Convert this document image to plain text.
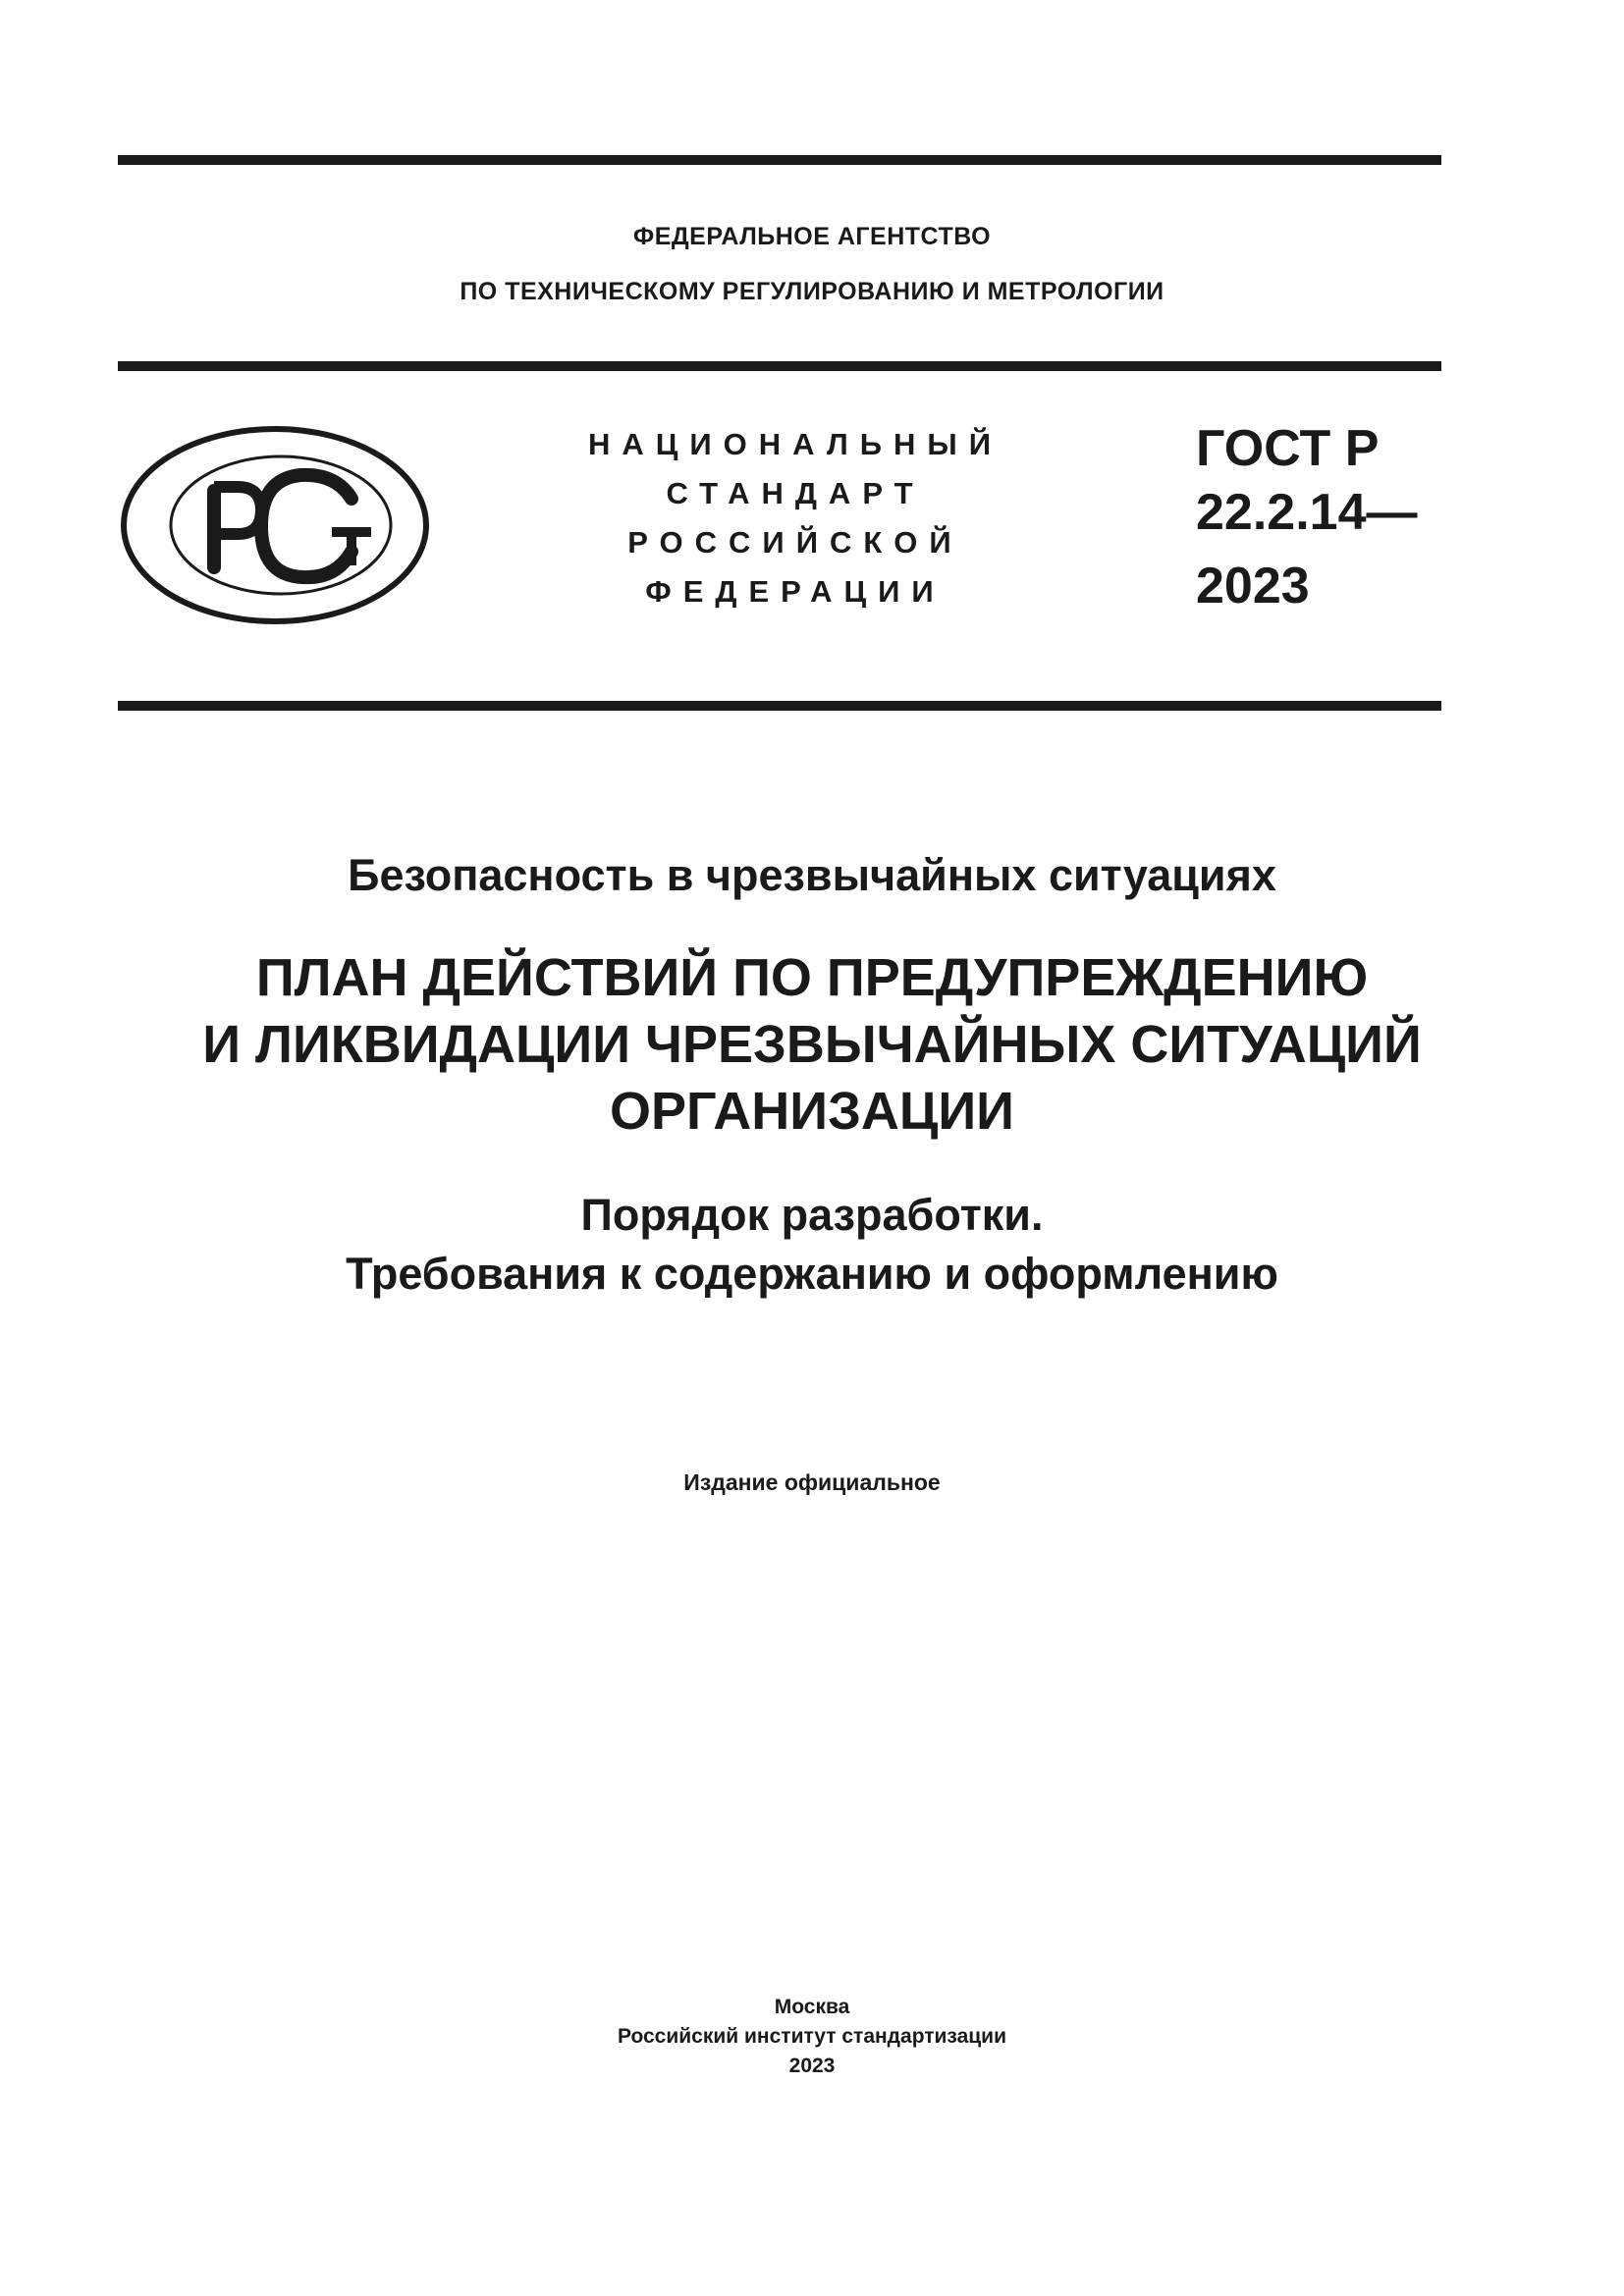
ФЕДЕРАЛЬНОЕ АГЕНТСТВО
ПО ТЕХНИЧЕСКОМУ РЕГУЛИРОВАНИЮ И МЕТРОЛОГИИ
НАЦИОНАЛЬНЫЙ
СТАНДАРТ
РОССИЙСКОЙ
ФЕДЕРАЦИИ
ГОСТ Р
22.2.14—
2023
Безопасность в чрезвычайных ситуациях
ПЛАН ДЕЙСТВИЙ ПО ПРЕДУПРЕЖДЕНИЮ
И ЛИКВИДАЦИИ ЧРЕЗВЫЧАЙНЫХ СИТУАЦИЙ
ОРГАНИЗАЦИИ
Порядок разработки.
Требования к содержанию и оформлению
Издание официальное
Москва
Российский институт стандартизации
2023
